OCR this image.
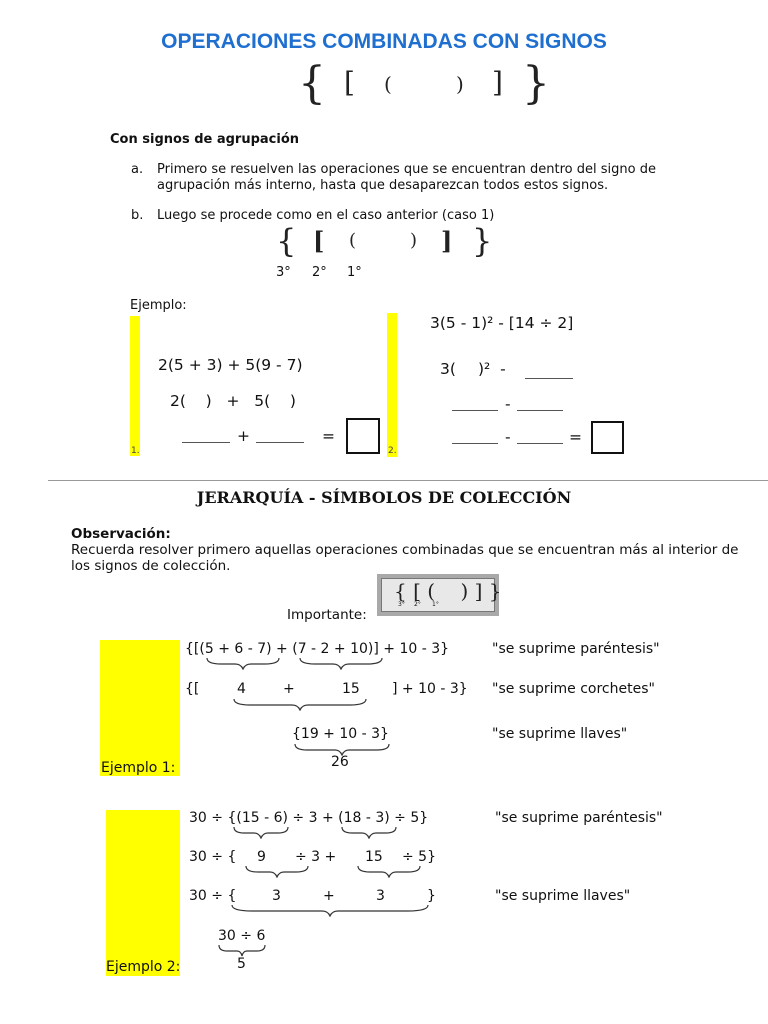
OPERACIONES COMBINADAS CON SIGNOS
{ [ (	) ] }
Con signos de agrupación
a. Primero se resuelven las operaciones que se encuentran dentro del signo de
agrupación más interno, hasta que desaparezcan todos estos signos.
b. Luego se procede como en el caso anterior (caso 1)
{ [ (	) ] }
3° 2° 1°
Ejemplo:
1.
2(5 + 3) + 5(9 - 7)
2(    )   +   5(    )
+	=
2.
3(5 - 1)² - [14 ÷ 2]
3( )²  -
-
-	=
JERARQUÍA - SÍMBOLOS DE COLECCIÓN
Observación:
Recuerda resolver primero aquellas operaciones combinadas que se encuentran más al interior de
los signos de colección.
Importante:
{ [ (    ) ] }
3° 2° 1°
Ejemplo 1:
{[(5 + 6 - 7) + (7 - 2 + 10)] + 10 - 3}	"se suprime paréntesis"
{[	4	+	15 ] + 10 - 3} "se suprime corchetes"
{19 + 10 - 3}	"se suprime llaves"
26
Ejemplo 2:
30 ÷ {(15 - 6) ÷ 3 + (18 - 3) ÷ 5}	"se suprime paréntesis"
30 ÷ { 9 ÷ 3 + 15 ÷ 5}
30 ÷ {	3	+	3	}	"se suprime llaves"
30 ÷ 6
5
